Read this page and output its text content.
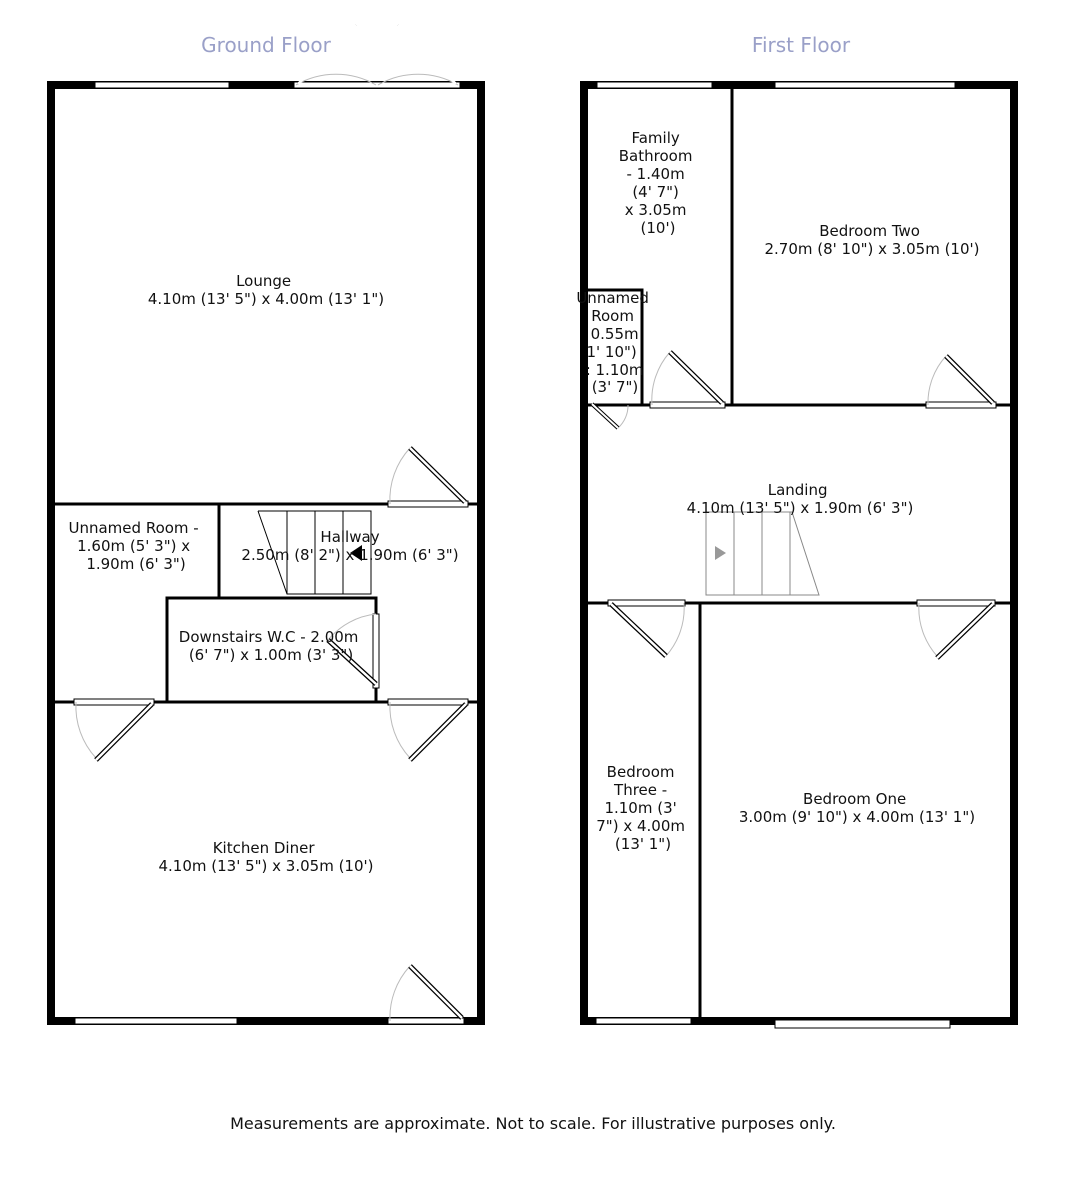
Ground Floor
Lounge 4.10m (13' 5") x 4.00m (13' 1")
Unnamed Room - 1.60m (5' 3") x 1.90m (6' 3")
Hallway
2.50m (8' 2") x 1.90m (6' 3")
Downstairs W.C - 2.00m (6' 7") x 1.00m (3' 3")
Kitchen Diner 4.10m (13' 5") x 3.05m (10')
First Floor
Family Bathroom - 1.40m (4' 7") x 3.05m (10')	Bedroom Two 2.70m (8' 10") x 3.05m (10')
Unnamed Room 0.55m 1' 10") : 1.10m (3' 7")
Landing 4.10m (13' 5") x 1.90m (6' 3")
Bedroom Three - 1.10m (3' 7") x 4.00m (13' 1")
Bedroom One 3.00m (9' 10") x 4.00m (13' 1")
Measurements are approximate. Not to scale. For illustrative purposes only.
